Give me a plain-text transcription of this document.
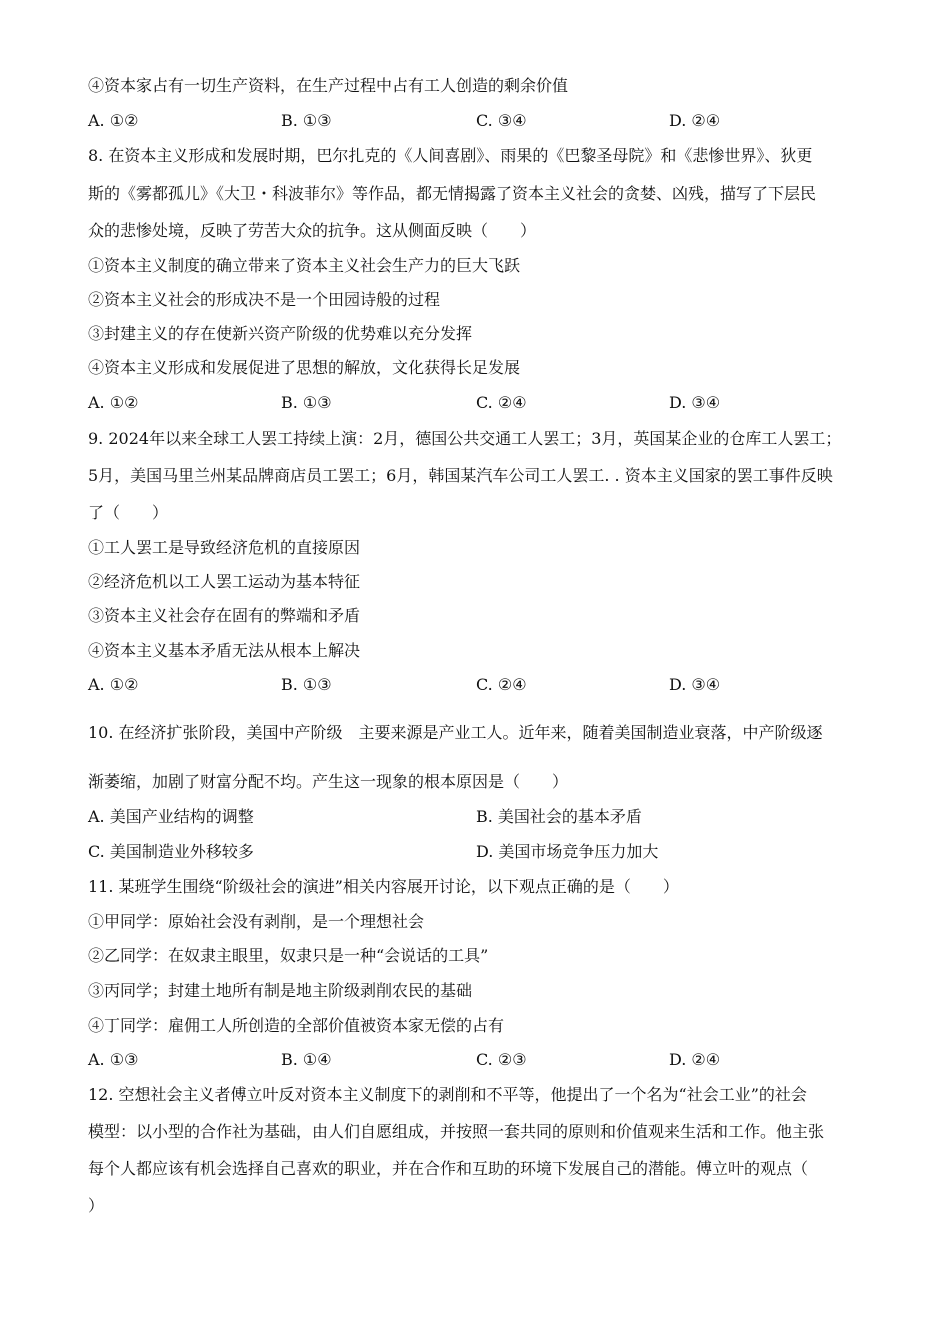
④资本家占有一切生产资料，在生产过程中占有工人创造的剩余价值
A. ①②	B. ①③	C. ③④	D. ②④
8. 在资本主义形成和发展时期，巴尔扎克的《人间喜剧》、雨果的《巴黎圣母院》和《悲惨世界》、狄更
斯的《雾都孤儿》《大卫・科波菲尔》等作品，都无情揭露了资本主义社会的贪婪、凶残，描写了下层民
众的悲惨处境，反映了劳苦大众的抗争。这从侧面反映（　　）
①资本主义制度的确立带来了资本主义社会生产力的巨大飞跃
②资本主义社会的形成决不是一个田园诗般的过程
③封建主义的存在使新兴资产阶级的优势难以充分发挥
④资本主义形成和发展促进了思想的解放，文化获得长足发展
A. ①②	B. ①③	C. ②④	D. ③④
9. 2024年以来全球工人罢工持续上演：2月，德国公共交通工人罢工；3月，英国某企业的仓库工人罢工；
5月，美国马里兰州某品牌商店员工罢工；6月，韩国某汽车公司工人罢工. . 资本主义国家的罢工事件反映
了（　　）
①工人罢工是导致经济危机的直接原因
②经济危机以工人罢工运动为基本特征
③资本主义社会存在固有的弊端和矛盾
④资本主义基本矛盾无法从根本上解决
A. ①②	B. ①③	C. ②④	D. ③④
10. 在经济扩张阶段，美国中产阶级　主要来源是产业工人。近年来，随着美国制造业衰落，中产阶级逐
渐萎缩，加剧了财富分配不均。产生这一现象的根本原因是（　　）
A. 美国产业结构的调整	B. 美国社会的基本矛盾
C. 美国制造业外移较多	D. 美国市场竞争压力加大
11. 某班学生围绕“阶级社会的演进”相关内容展开讨论，以下观点正确的是（　　）
①甲同学：原始社会没有剥削，是一个理想社会
②乙同学：在奴隶主眼里，奴隶只是一种“会说话的工具”
③丙同学；封建土地所有制是地主阶级剥削农民的基础
④丁同学：雇佣工人所创造的全部价值被资本家无偿的占有
A. ①③	B. ①④	C. ②③	D. ②④
12. 空想社会主义者傅立叶反对资本主义制度下的剥削和不平等，他提出了一个名为“社会工业”的社会
模型：以小型的合作社为基础，由人们自愿组成，并按照一套共同的原则和价值观来生活和工作。他主张
每个人都应该有机会选择自己喜欢的职业，并在合作和互助的环境下发展自己的潜能。傅立叶的观点（
）
